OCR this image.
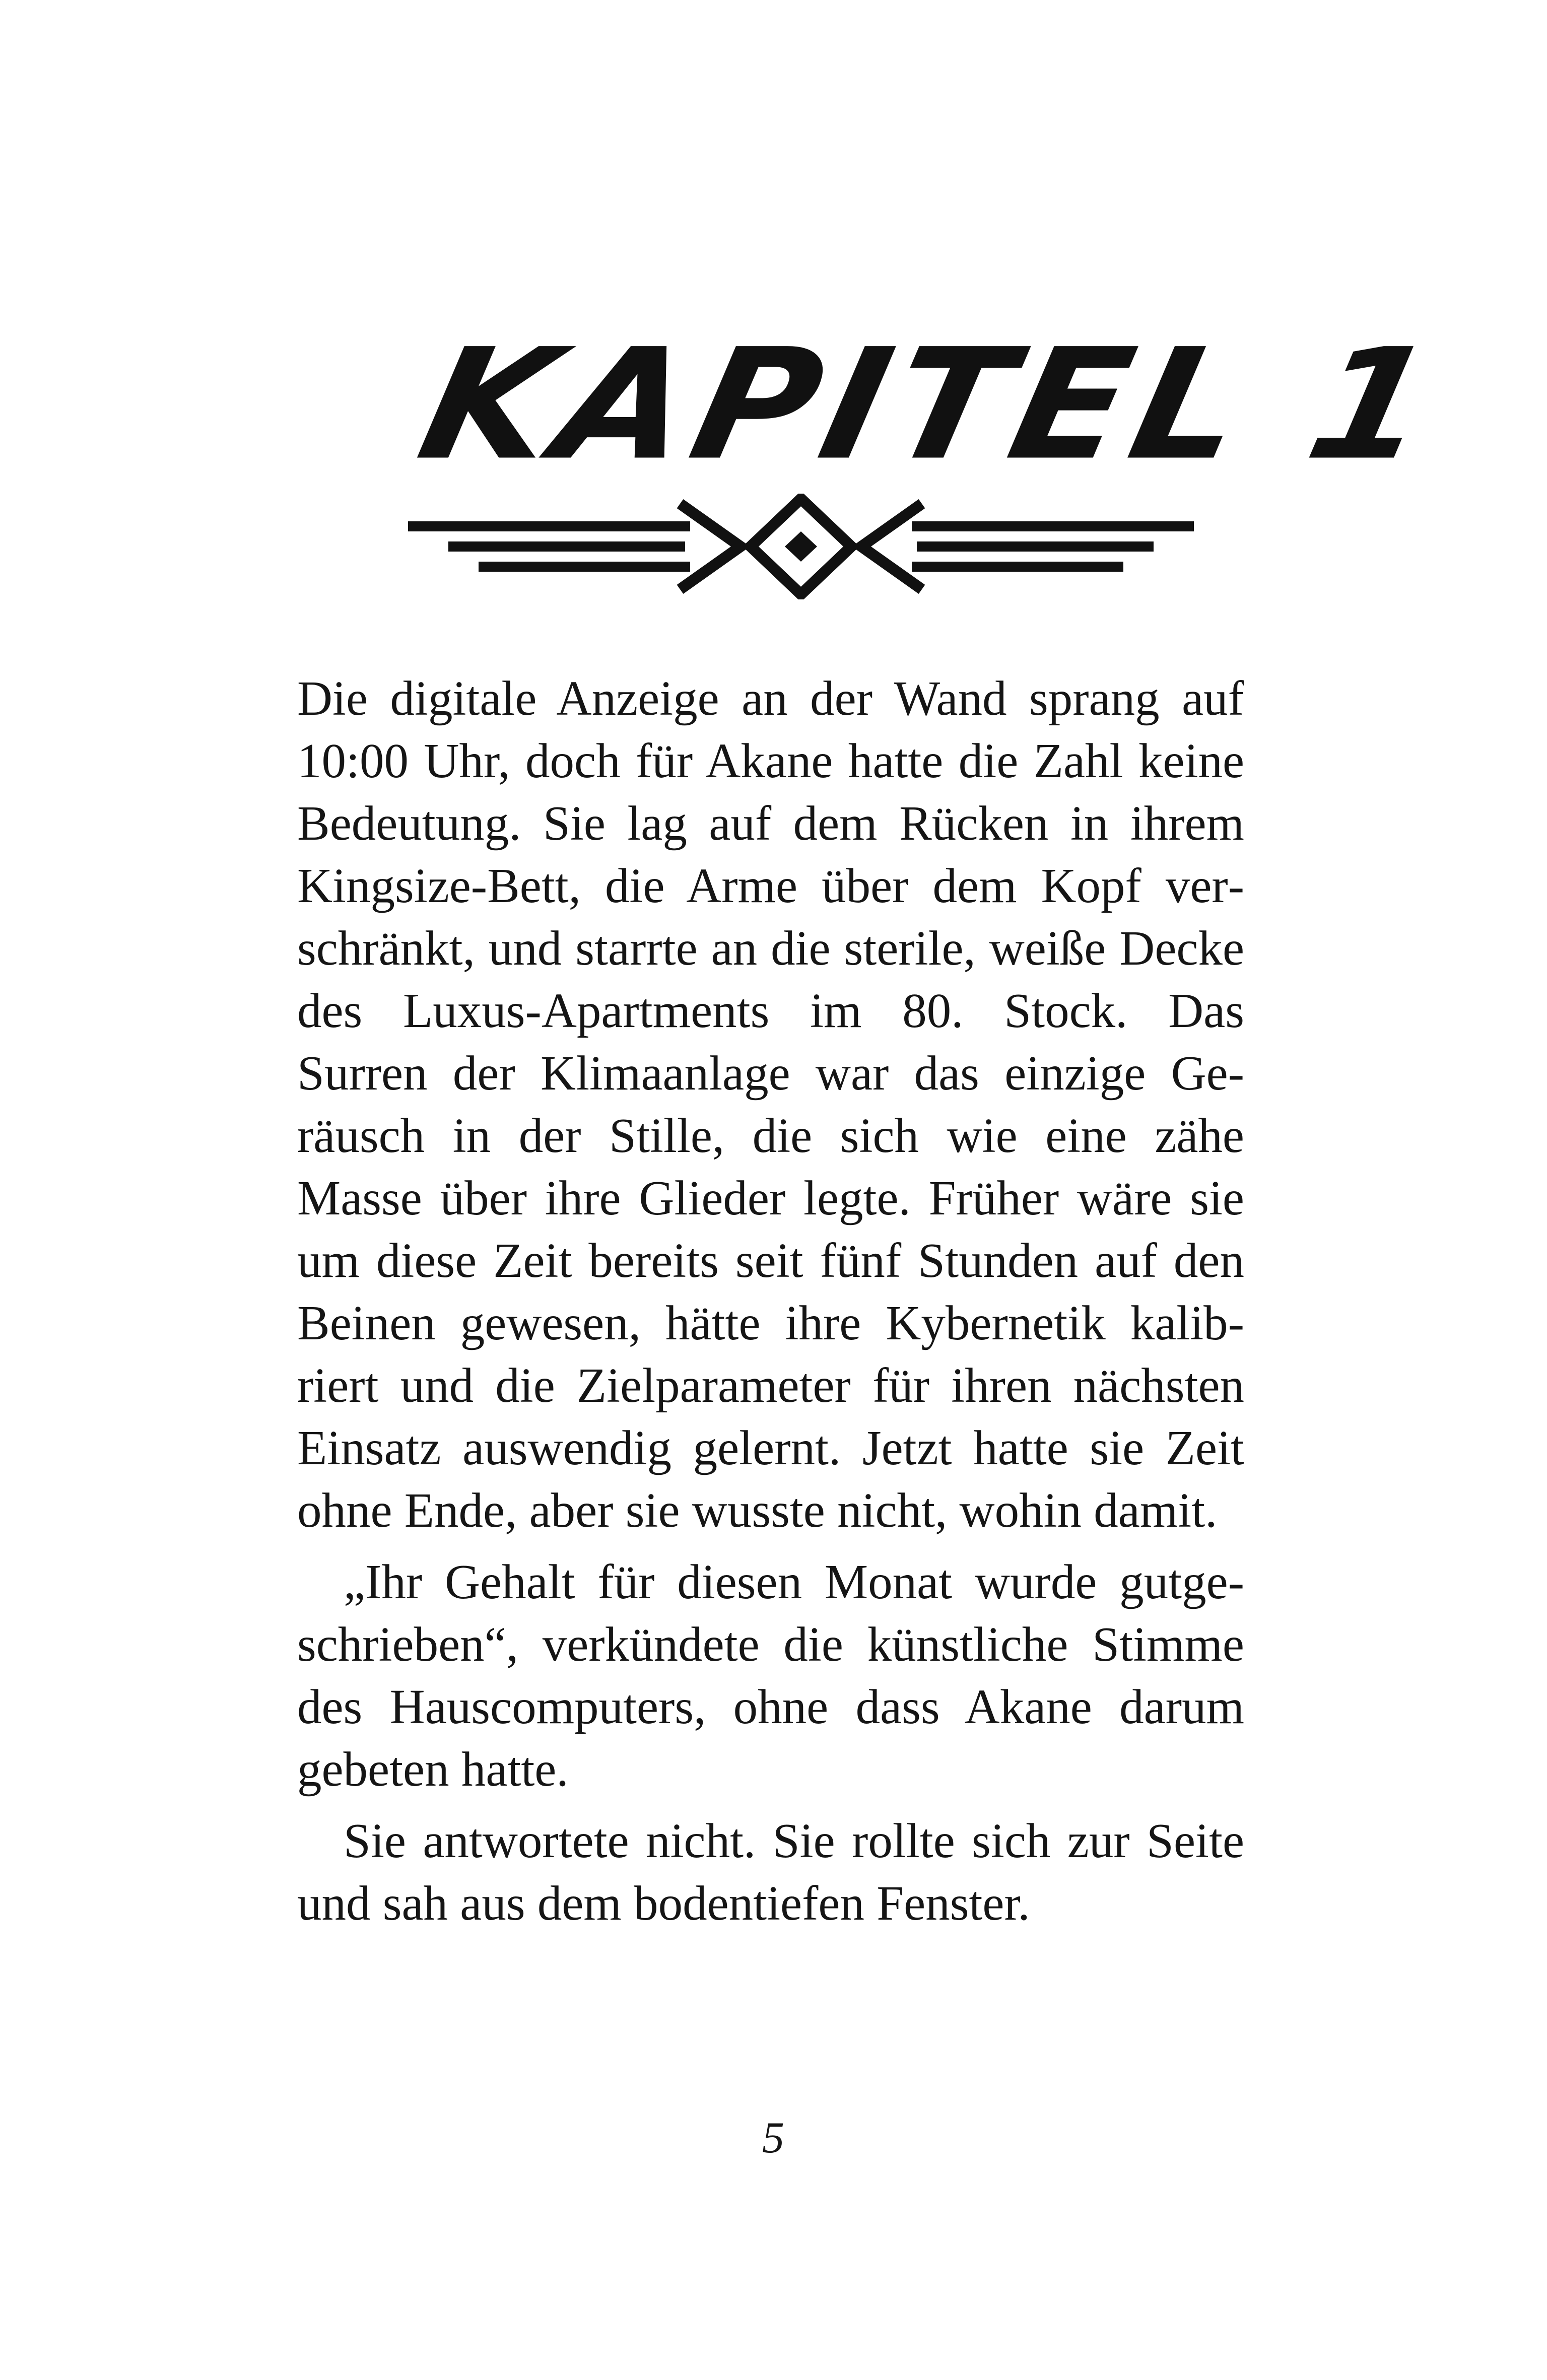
KAPITEL 1

Die digitale Anzeige an der Wand sprang auf 10:00 Uhr, doch für Akane hatte die Zahl keine Bedeutung. Sie lag auf dem Rücken in ihrem Kingsize-Bett, die Arme über dem Kopf verschränkt, und starrte an die sterile, weiße Decke des Luxus-Apartments im 80. Stock. Das Surren der Klimaanlage war das einzige Geräusch in der Stille, die sich wie eine zähe Masse über ihre Glieder legte. Früher wäre sie um diese Zeit bereits seit fünf Stunden auf den Beinen gewesen, hätte ihre Kybernetik kalibriert und die Zielparameter für ihren nächsten Einsatz auswendig gelernt. Jetzt hatte sie Zeit ohne Ende, aber sie wusste nicht, wohin damit.

„Ihr Gehalt für diesen Monat wurde gutgeschrieben“, verkündete die künstliche Stimme des Hauscomputers, ohne dass Akane darum gebeten hatte.

Sie antwortete nicht. Sie rollte sich zur Seite und sah aus dem bodentiefen Fenster.

5
